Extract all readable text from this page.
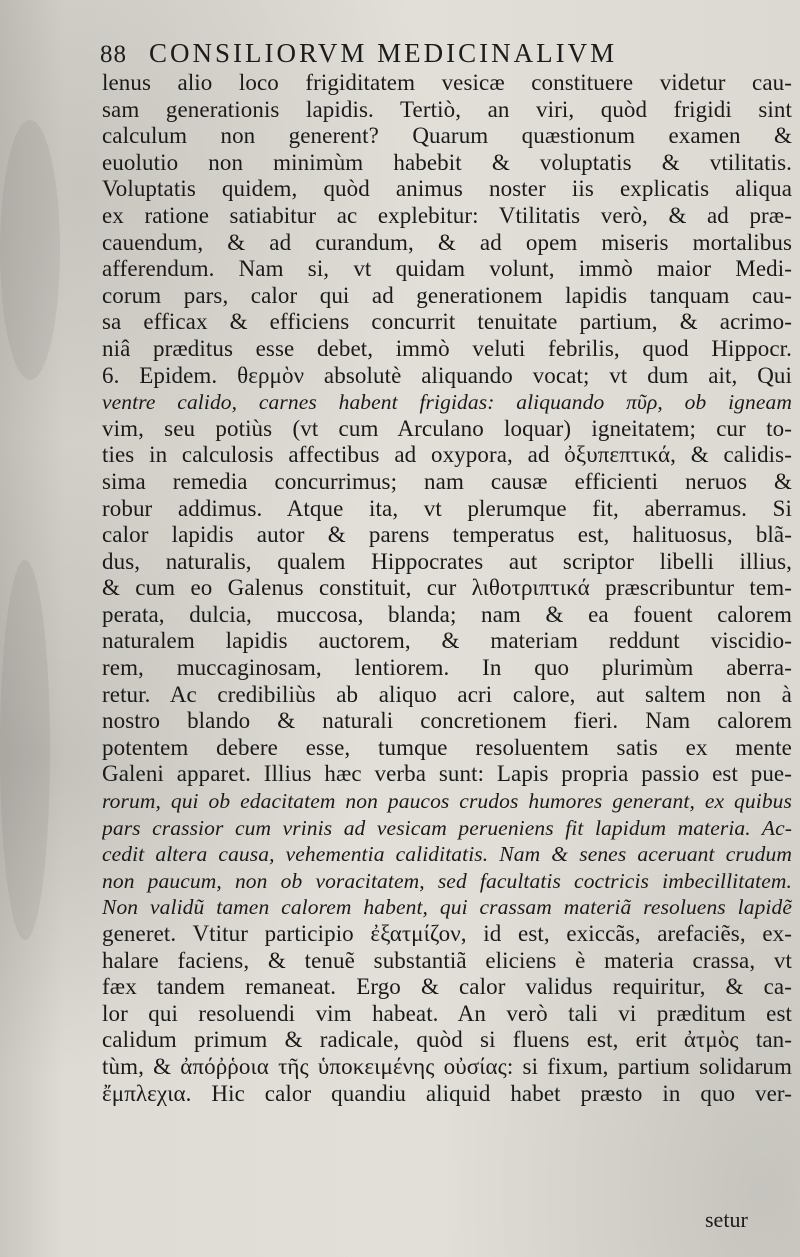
88 CONSILIORVM MEDICINALIVM
lenus alio loco frigiditatem vesicæ constituere videtur cau-
sam generationis lapidis. Tertiò, an viri, quòd frigidi sint
calculum non generent? Quarum quæstionum examen &
euolutio non minimùm habebit & voluptatis & vtilitatis.
Voluptatis quidem, quòd animus noster iis explicatis aliqua
ex ratione satiabitur ac explebitur: Vtilitatis verò, & ad præ-
cauendum, & ad curandum, & ad opem miseris mortalibus
afferendum. Nam si, vt quidam volunt, immò maior Medi-
corum pars, calor qui ad generationem lapidis tanquam cau-
sa efficax & efficiens concurrit tenuitate partium, & acrimo-
niâ præditus esse debet, immò veluti febrilis, quod Hippocr.
6. Epidem. θερμὸν absolutè aliquando vocat; vt dum ait, Qui
ventre calido, carnes habent frigidas: aliquando πῦρ, ob igneam
vim, seu potiùs (vt cum Arculano loquar) igneitatem; cur to-
ties in calculosis affectibus ad oxypora, ad ὀξυπεπτικά, & calidis-
sima remedia concurrimus; nam causæ efficienti neruos &
robur addimus. Atque ita, vt plerumque fit, aberramus. Si
calor lapidis autor & parens temperatus est, halituosus, blã-
dus, naturalis, qualem Hippocrates aut scriptor libelli illius,
& cum eo Galenus constituit, cur λιθοτριπτικά præscribuntur tem-
perata, dulcia, muccosa, blanda; nam & ea fouent calorem
naturalem lapidis auctorem, & materiam reddunt viscidio-
rem, muccaginosam, lentiorem. In quo plurimùm aberra-
retur. Ac credibiliùs ab aliquo acri calore, aut saltem non à
nostro blando & naturali concretionem fieri. Nam calorem
potentem debere esse, tumque resoluentem satis ex mente
Galeni apparet. Illius hæc verba sunt: Lapis propria passio est pue-
rorum, qui ob edacitatem non paucos crudos humores generant, ex quibus
pars crassior cum vrinis ad vesicam perueniens fit lapidum materia. Ac-
cedit altera causa, vehementia caliditatis. Nam & senes aceruant crudum
non paucum, non ob voracitatem, sed facultatis coctricis imbecillitatem.
Non validũ tamen calorem habent, qui crassam materiã resoluens lapidẽ
generet. Vtitur participio ἐξατμίζον, id est, exiccãs, arefaciẽs, ex-
halare faciens, & tenuẽ substantiã eliciens è materia crassa, vt
fæx tandem remaneat. Ergo & calor validus requiritur, & ca-
lor qui resoluendi vim habeat. An verò tali vi præditum est
calidum primum & radicale, quòd si fluens est, erit ἀτμὸς tan-
tùm, & ἀπόῤῥοια τῆς ὑποκειμένης οὐσίας: si fixum, partium solidarum
ἔμπλεχια. Hic calor quandiu aliquid habet præsto in quo ver-
setur
